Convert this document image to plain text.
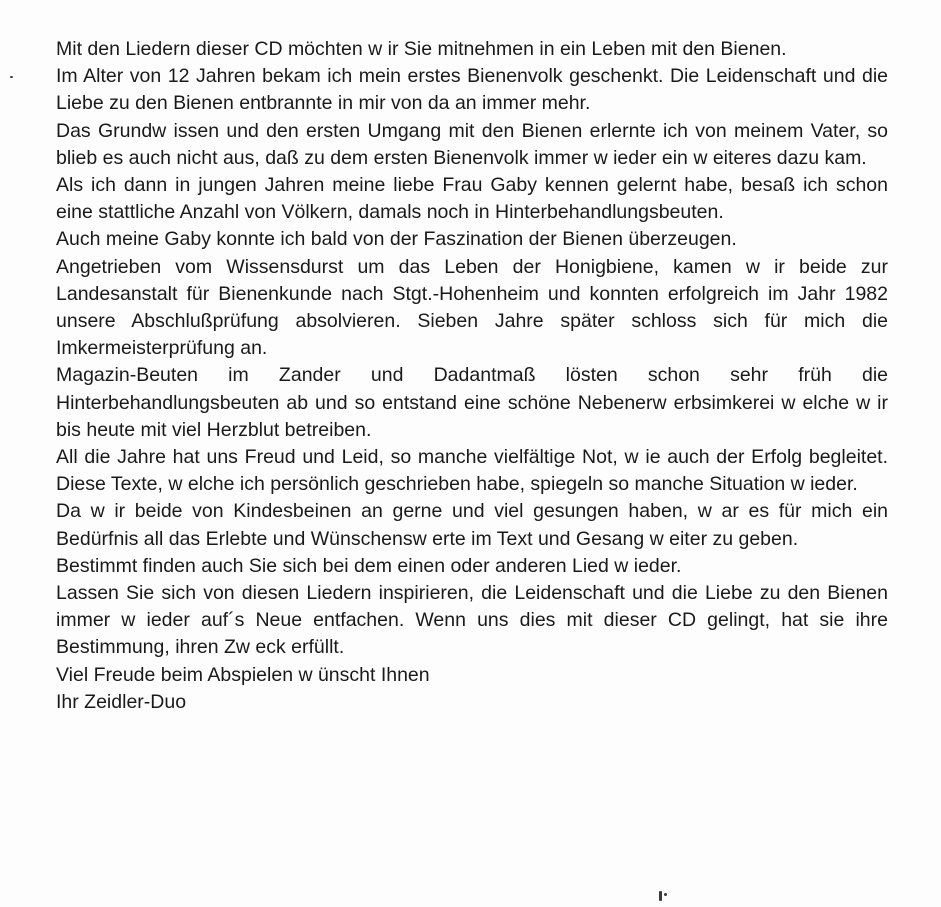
Mit den Liedern dieser CD möchten w ir Sie mitnehmen in ein Leben mit den Bienen.

Im Alter von 12 Jahren bekam ich mein erstes Bienenvolk geschenkt. Die Leidenschaft und die Liebe zu den Bienen entbrannte in mir von da an immer mehr.

Das Grundw issen und den ersten Umgang mit den Bienen erlernte ich von meinem Vater, so blieb es auch nicht aus, daß zu dem ersten Bienenvolk immer w ieder ein w eiteres dazu kam.

Als ich dann in jungen Jahren meine liebe Frau Gaby kennen gelernt habe, besaß ich schon eine stattliche Anzahl von Völkern, damals noch in Hinterbehandlungsbeuten.

Auch meine Gaby konnte ich bald von der Faszination der Bienen überzeugen.

Angetrieben vom Wissensdurst um das Leben der Honigbiene, kamen w ir beide zur Landesanstalt für Bienenkunde nach Stgt.-Hohenheim und konnten erfolgreich im Jahr 1982 unsere Abschlußprüfung absolvieren. Sieben Jahre später schloss sich für mich die Imkermeisterprüfung an.

Magazin-Beuten im Zander und Dadantmaß lösten schon sehr früh die Hinterbehandlungsbeuten ab und so entstand eine schöne Nebenerw erbsimkerei w elche w ir bis heute mit viel Herzblut betreiben.

All die Jahre hat uns Freud und Leid, so manche vielfältige Not, w ie auch der Erfolg begleitet. Diese Texte, w elche ich persönlich geschrieben habe, spiegeln so manche Situation w ieder.

Da w ir beide von Kindesbeinen an gerne und viel gesungen haben, w ar es für mich ein Bedürfnis all das Erlebte und Wünschensw erte im Text und Gesang w eiter zu geben.

Bestimmt finden auch Sie sich bei dem einen oder anderen Lied w ieder.

Lassen Sie sich von diesen Liedern inspirieren, die Leidenschaft und die Liebe zu den Bienen immer w ieder auf´s Neue entfachen. Wenn uns dies mit dieser CD gelingt, hat sie ihre Bestimmung, ihren Zw eck erfüllt.

Viel Freude beim Abspielen w ünscht Ihnen

Ihr Zeidler-Duo
